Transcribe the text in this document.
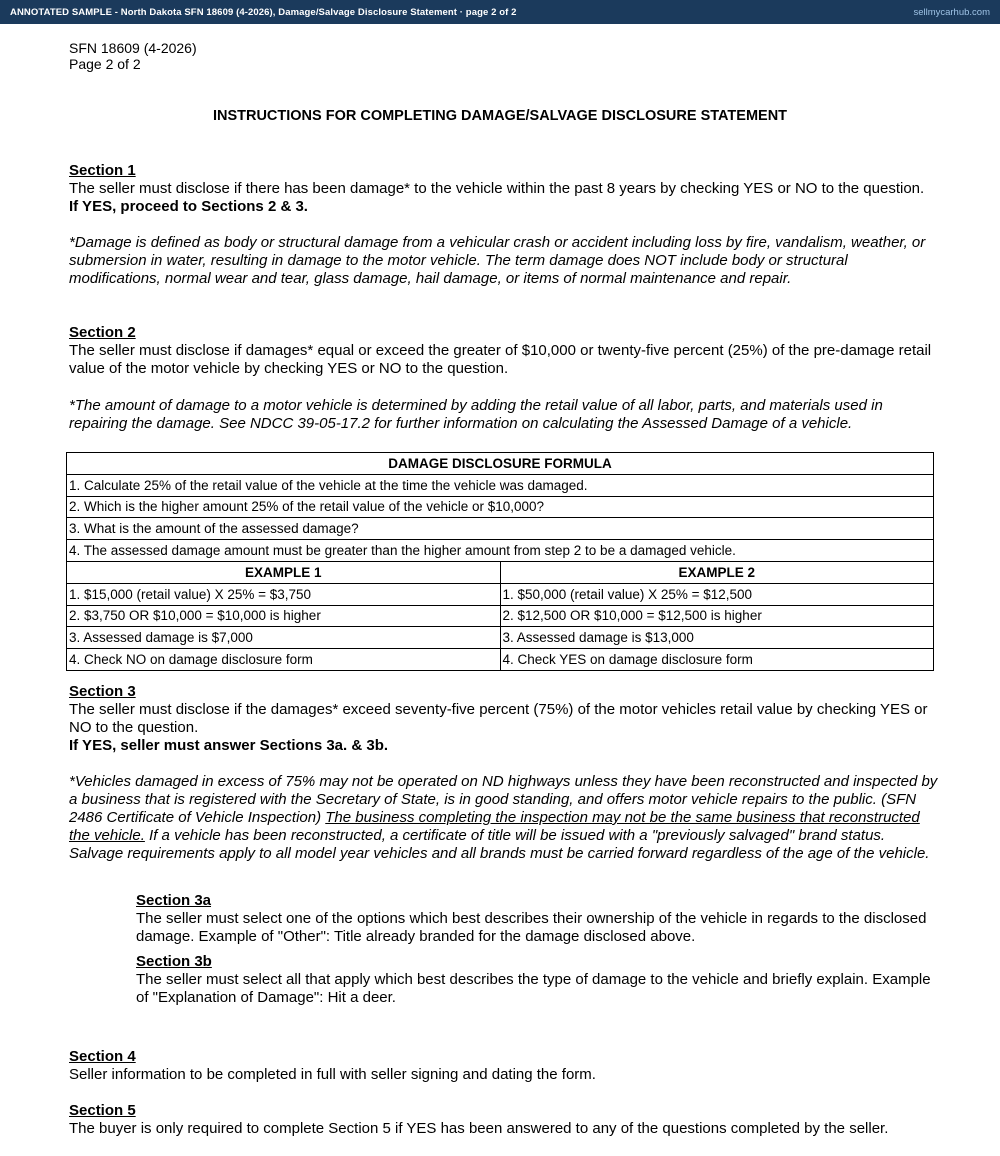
ANNOTATED SAMPLE - North Dakota SFN 18609 (4-2026), Damage/Salvage Disclosure Statement · page 2 of 2	sellmycarhub.com
SFN 18609 (4-2026)
Page 2 of 2
INSTRUCTIONS FOR COMPLETING DAMAGE/SALVAGE DISCLOSURE STATEMENT
Section 1
The seller must disclose if there has been damage* to the vehicle within the past 8 years by checking YES or NO to the question.
If YES, proceed to Sections 2 & 3.
*Damage is defined as body or structural damage from a vehicular crash or accident including loss by fire, vandalism, weather, or submersion in water, resulting in damage to the motor vehicle. The term damage does NOT include body or structural modifications, normal wear and tear, glass damage, hail damage, or items of normal maintenance and repair.
Section 2
The seller must disclose if damages* equal or exceed the greater of $10,000 or twenty-five percent (25%) of the pre-damage retail value of the motor vehicle by checking YES or NO to the question.
*The amount of damage to a motor vehicle is determined by adding the retail value of all labor, parts, and materials used in repairing the damage. See NDCC 39-05-17.2 for further information on calculating the Assessed Damage of a vehicle.
DAMAGE DISCLOSURE FORMULA	
1. Calculate 25% of the retail value of the vehicle at the time the vehicle was damaged.	
2. Which is the higher amount 25% of the retail value of the vehicle or $10,000?	
3. What is the amount of the assessed damage?	
4. The assessed damage amount must be greater than the higher amount from step 2 to be a damaged vehicle.	
EXAMPLE 1	EXAMPLE 2
1. $15,000 (retail value) X 25% = $3,750	1. $50,000 (retail value) X 25% = $12,500
2. $3,750 OR $10,000 = $10,000 is higher	2. $12,500 OR $10,000 = $12,500 is higher
3. Assessed damage is $7,000	3. Assessed damage is $13,000
4. Check NO on damage disclosure form	4. Check YES on damage disclosure form
Section 3
The seller must disclose if the damages* exceed seventy-five percent (75%) of the motor vehicles retail value by checking YES or NO to the question.
If YES, seller must answer Sections 3a. & 3b.
*Vehicles damaged in excess of 75% may not be operated on ND highways unless they have been reconstructed and inspected by a business that is registered with the Secretary of State, is in good standing, and offers motor vehicle repairs to the public. (SFN 2486 Certificate of Vehicle Inspection) The business completing the inspection may not be the same business that reconstructed the vehicle. If a vehicle has been reconstructed, a certificate of title will be issued with a "previously salvaged" brand status. Salvage requirements apply to all model year vehicles and all brands must be carried forward regardless of the age of the vehicle.
Section 3a
The seller must select one of the options which best describes their ownership of the vehicle in regards to the disclosed damage. Example of "Other": Title already branded for the damage disclosed above.
Section 3b
The seller must select all that apply which best describes the type of damage to the vehicle and briefly explain. Example of "Explanation of Damage": Hit a deer.
Section 4
Seller information to be completed in full with seller signing and dating the form.
Section 5
The buyer is only required to complete Section 5 if YES has been answered to any of the questions completed by the seller.
